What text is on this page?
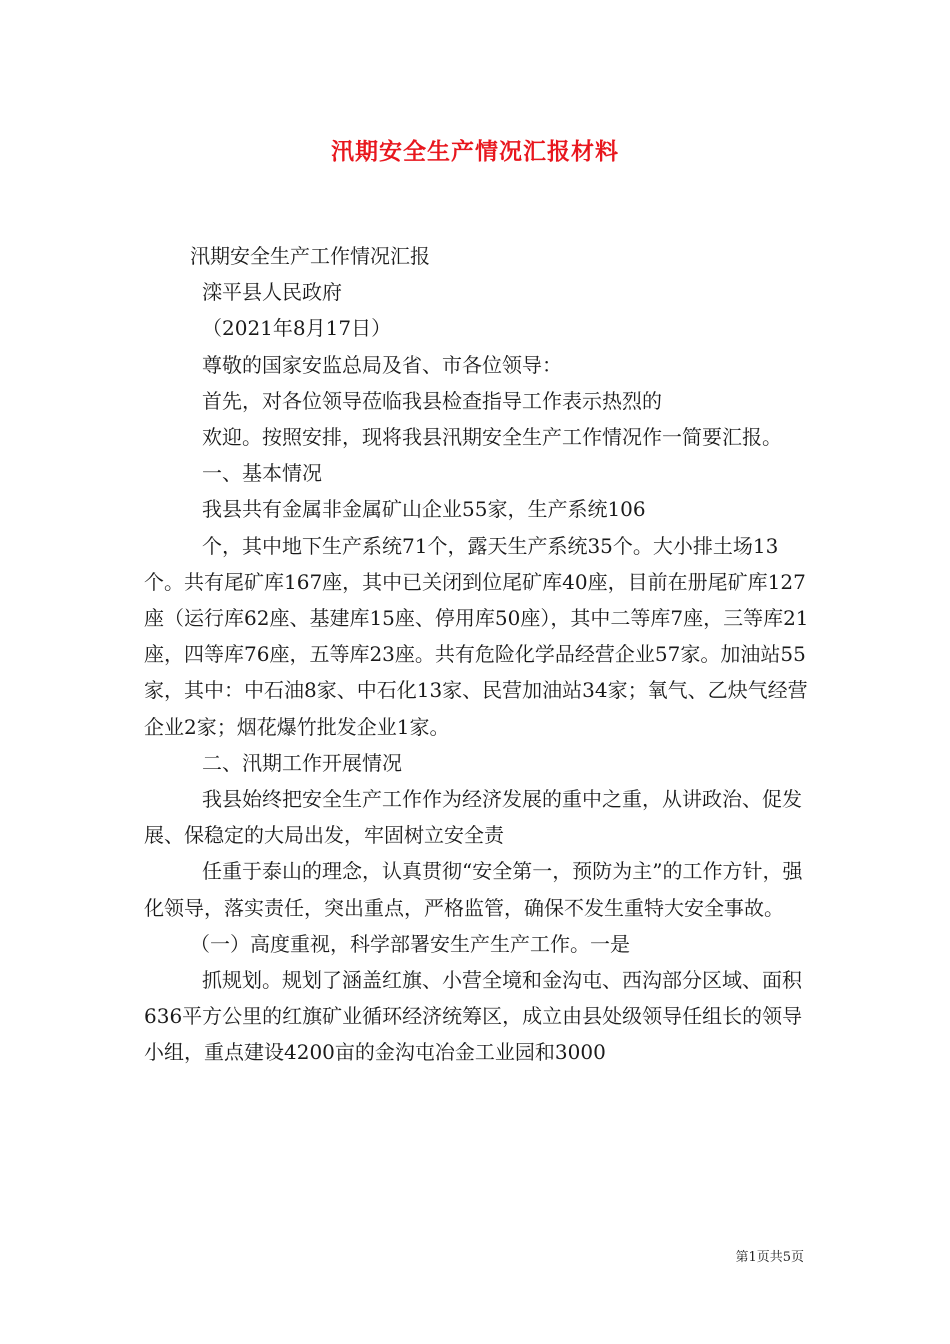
汛期安全生产情况汇报材料

汛期安全生产工作情况汇报

滦平县人民政府

（2021年8月17日）

尊敬的国家安监总局及省、市各位领导：

首先，对各位领导莅临我县检查指导工作表示热烈的

欢迎。按照安排，现将我县汛期安全生产工作情况作一简要汇报。

一、基本情况

我县共有金属非金属矿山企业55家，生产系统106

个，其中地下生产系统71个，露天生产系统35个。大小排土场13个。共有尾矿库167座，其中已关闭到位尾矿库40座，目前在册尾矿库127座（运行库62座、基建库15座、停用库50座），其中二等库7座，三等库21座，四等库76座，五等库23座。共有危险化学品经营企业57家。加油站55家，其中：中石油8家、中石化13家、民营加油站34家；氧气、乙炔气经营企业2家；烟花爆竹批发企业1家。

二、汛期工作开展情况

我县始终把安全生产工作作为经济发展的重中之重，从讲政治、促发展、保稳定的大局出发，牢固树立安全责

任重于泰山的理念，认真贯彻“安全第一，预防为主”的工作方针，强化领导，落实责任，突出重点，严格监管，确保不发生重特大安全事故。

（一）高度重视，科学部署安生产生产工作。一是

抓规划。规划了涵盖红旗、小营全境和金沟屯、西沟部分区域、面积636平方公里的红旗矿业循环经济统筹区，成立由县处级领导任组长的领导小组，重点建设4200亩的金沟屯冶金工业园和3000

第1页共5页
